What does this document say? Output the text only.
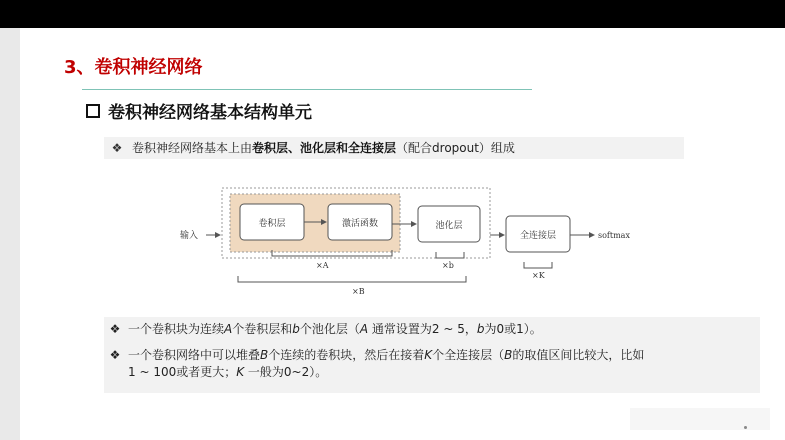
3、卷积神经网络
卷积神经网络基本结构单元
❖ 卷积神经网络基本上由卷积层、池化层和全连接层（配合dropout）组成
输入
卷积层	激活函数	池化层
全连接层	softmax
×A	×b
×B
×K
❖ 一个卷积块为连续A个卷积层和b个池化层（A 通常设置为2 ~ 5，b为0或1）。
❖ 一个卷积网络中可以堆叠B个连续的卷积块，然后在接着K个全连接层（B的取值区间比较大，比如
1 ~ 100或者更大；K 一般为0~2）。
